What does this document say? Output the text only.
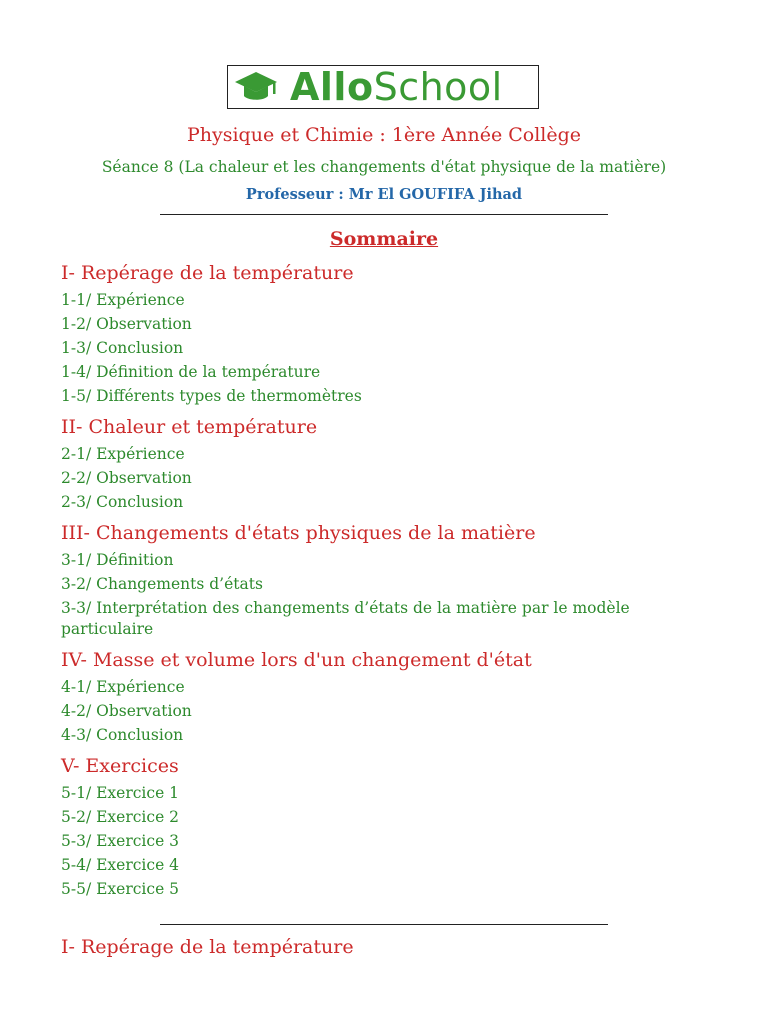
AlloSchool
Physique et Chimie : 1ère Année Collège
Séance 8 (La chaleur et les changements d'état physique de la matière)
Professeur : Mr El GOUFIFA Jihad
Sommaire
I- Repérage de la température
1-1/ Expérience
1-2/ Observation
1-3/ Conclusion
1-4/ Définition de la température
1-5/ Différents types de thermomètres
II- Chaleur et température
2-1/ Expérience
2-2/ Observation
2-3/ Conclusion
III- Changements d'états physiques de la matière
3-1/ Définition
3-2/ Changements d’états
3-3/ Interprétation des changements d’états de la matière par le modèle particulaire
IV- Masse et volume lors d'un changement d'état
4-1/ Expérience
4-2/ Observation
4-3/ Conclusion
V- Exercices
5-1/ Exercice 1
5-2/ Exercice 2
5-3/ Exercice 3
5-4/ Exercice 4
5-5/ Exercice 5
I- Repérage de la température
